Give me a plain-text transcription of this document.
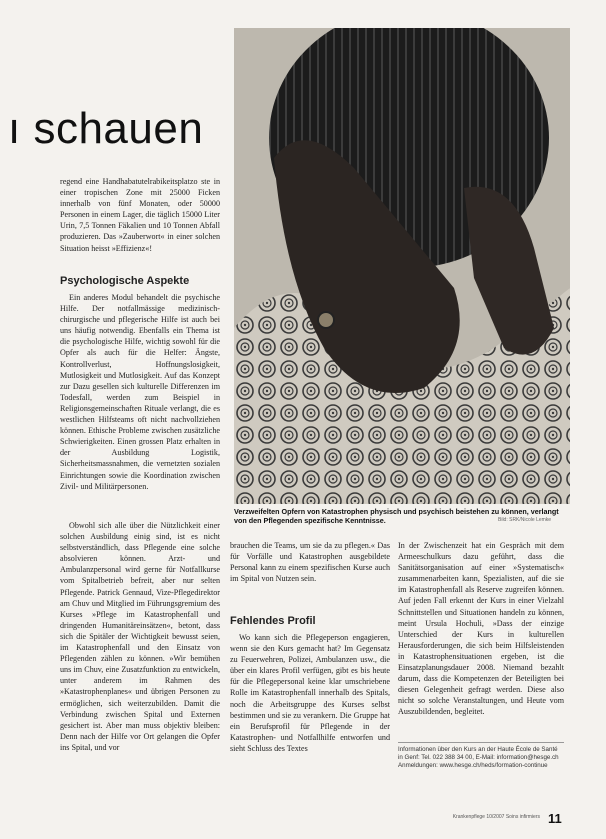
ı schauen

regend eine Handhabatutelrabikeitsplatzo ste in einer tropischen Zone mit 25000 Ficken innerhalb von fünf Monaten, oder 50000 Personen in einem Lager, die täglich 15000 Liter Urin, 7,5 Tonnen Fäkalien und 10 Tonnen Abfall produzieren. Das »Zauberwort« in einer solchen Situation heisst »Effizienz«!

Psychologische Aspekte

Ein anderes Modul behandelt die psychische Hilfe. Der notfallmässige medizinisch-chirurgische und pflegerische Hilfe ist auch bei uns häufig notwendig. Ebenfalls ein Thema ist die psychologische Hilfe, wichtig sowohl für die Opfer als auch für die Helfer: Ängste, Kontrollverlust, Hoffnungslosigkeit, Mutlosigkeit und Mutlosigkeit. Auf das Konzept zur Dazu gesellen sich kulturelle Differenzen im Todesfall, werden zum Beispiel in Religionsgemeinschaften Rituale verlangt, die es westlichen Hilfsteams oft nicht nachvollziehen können. Ethische Probleme zwischen zusätzliche Schwierigkeiten. Einen grossen Platz erhalten in der Ausbildung Logistik, Sicherheitsmassnahmen, die vernetzten sozialen Einrichtungen sowie die Koordination zwischen Zivil- und Militärpersonen.

Obwohl sich alle über die Nützlichkeit einer solchen Ausbildung einig sind, ist es nicht selbstverständlich, dass Pflegende eine solche absolvieren können. Arzt- und Ambulanzpersonal wird gerne für Notfallkurse vom Spitalbetrieb befreit, aber nur selten Pflegende. Patrick Gennaud, Vize-Pflegedirektor am Chuv und Mitglied im Führungsgremium des Kurses »Pflege im Katastrophenfall und dringenden Humanitäreinsätzen«, betont, dass sich die Spitäler der Wichtigkeit bewusst seien, im Katastrophenfall und den Einsatz von Pflegenden zählen zu können. »Wir bemühen uns im Chuv, eine Zusatzfunktion zu entwickeln, unter anderem im Rahmen des »Katastrophenplanes« und übrigen Personen zu ermöglichen, sich weiterzubilden. Damit die Verbindung zwischen Spital und Externen gesichert ist. Aber man muss objektiv bleiben: Denn nach der Hilfe vor Ort gelangen die Opfer ins Spital, und vor

Verzweifelten Opfern von Katastrophen physisch und psychisch beistehen zu können, verlangt von den Pflegenden spezifische Kenntnisse.	Bild: SRK/Nicole Lemke

brauchen die Teams, um sie da zu pflegen.« Das für Vorfälle und Katastrophen ausgebildete Personal kann zu einem spezifischen Kurse auch im Spital von Nutzen sein.

Fehlendes Profil

Wo kann sich die Pflegeperson engagieren, wenn sie den Kurs gemacht hat? Im Gegensatz zu Feuerwehren, Polizei, Ambulanzen usw., die über ein klares Profil verfügen, gibt es bis heute für die Pflegepersonal keine klar umschriebene Rolle im Katastrophenfall innerhalb des Spitals, noch die Arbeitsgruppe des Kurses selbst bestimmen und sie zu verankern. Die Gruppe hat ein Berufsprofil für Pflegende in der Katastrophen- und Notfallhilfe entworfen und sieht Schluss des Textes

In der Zwischenzeit hat ein Gespräch mit dem Armeeschulkurs dazu geführt, dass die Sanitätsorganisation auf einer »Systematisch« zusammenarbeiten kann, Spezialisten, auf die sie im Katastrophenfall als Reserve zugreifen können. Auf jeden Fall erkennt der Kurs in einer Vielzahl Schnittstellen und Situationen handeln zu können, meint Ursula Hochuli, »Dass der einzige Unterschied der Kurs in kulturellen Herausforderungen, die sich beim Hilfsleistenden in Katastrophensituationen ergeben, ist die Einsatzplanungsdauer 2008. Niemand bezahlt darum, dass die Kompetenzen der Beteiligten bei diesen Gelegenheit gefragt werden. Diese also nicht so solche Veranstaltungen, und Heute vom Auszubildenden, begleitet.

Informationen über den Kurs an der Haute École de Santé in Genf: Tel. 022 388 34 00, E-Mail: information@hesge.ch Anmeldungen: www.hesge.ch/heds/formation-continue
Krankenpflege 10/2007 Soins infirmiers 11
